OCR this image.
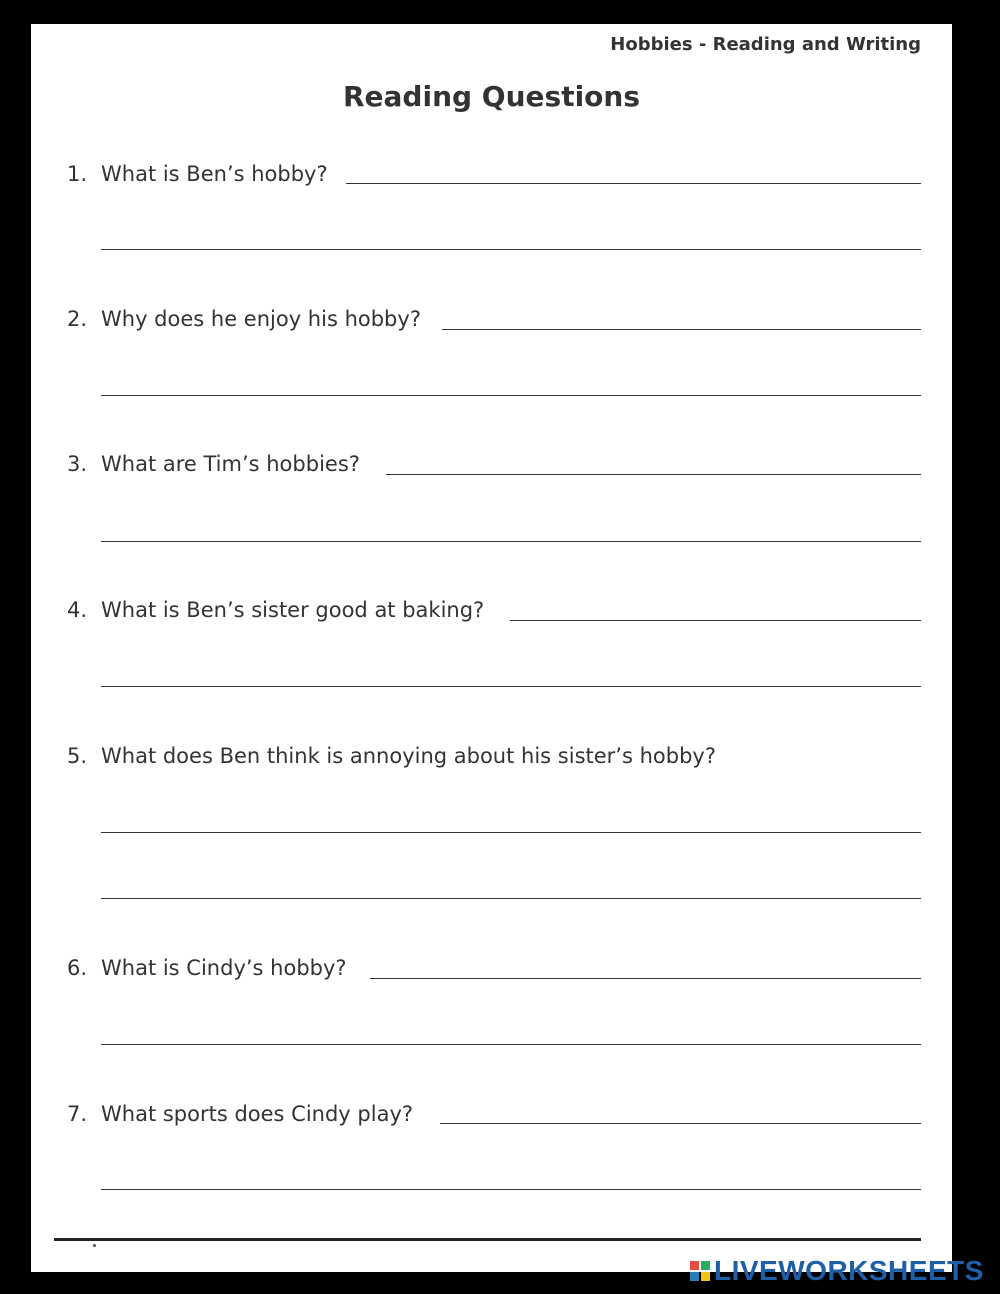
Hobbies - Reading and Writing
Reading Questions
1. What is Ben’s hobby?
2. Why does he enjoy his hobby?
3. What are Tim’s hobbies?
4. What is Ben’s sister good at baking?
5. What does Ben think is annoying about his sister’s hobby?
6. What is Cindy’s hobby?
7. What sports does Cindy play?
LIVEWORKSHEETS
